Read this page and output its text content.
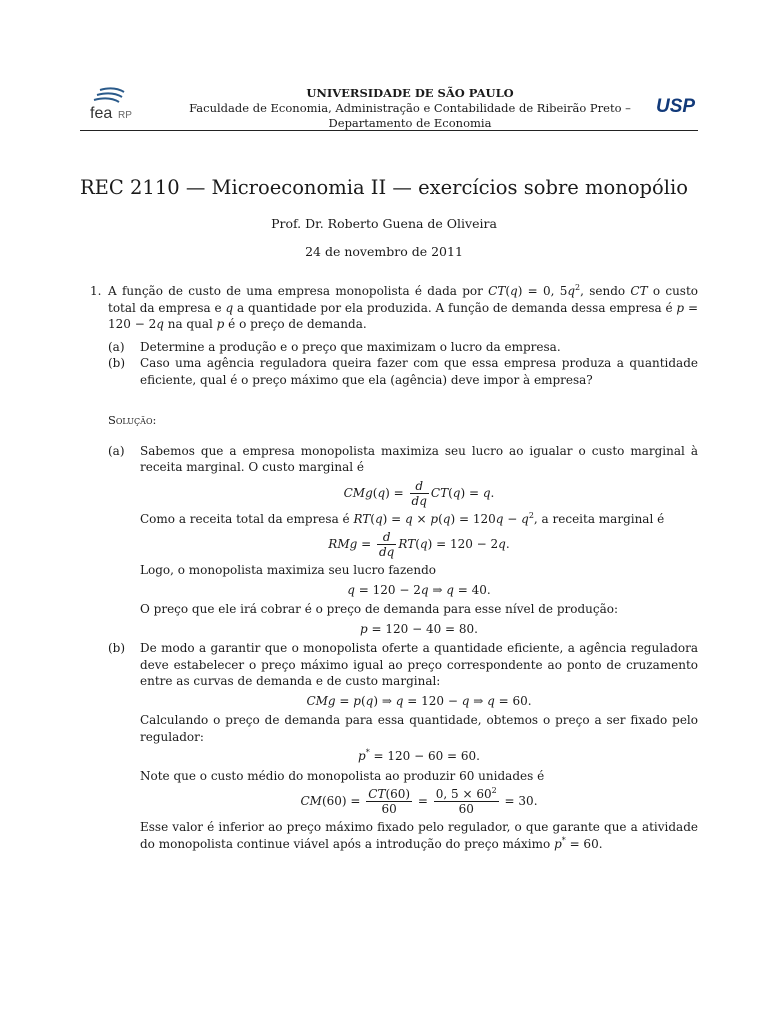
fea RP
UNIVERSIDADE DE SÃO PAULO
Faculdade de Economia, Administração e Contabilidade de Ribeirão Preto –
Departamento de Economia
USP
REC 2110 — Microeconomia II — exercícios sobre monopólio
Prof. Dr. Roberto Guena de Oliveira
24 de novembro de 2011
1. A função de custo de uma empresa monopolista é dada por CT(q) = 0, $5q^2$, sendo CT o custo total da empresa e q a quantidade por ela produzida. A função de demanda dessa empresa é p = 120 − 2q na qual p é o preço de demanda.

(a) Determine a produção e o preço que maximizam o lucro da empresa.

(b) Caso uma agência reguladora queira fazer com que essa empresa produza a quantidade eficiente, qual é o preço máximo que ela (agência) deve impor à empresa?

Solução:

(a) Sabemos que a empresa monopolista maximiza seu lucro ao igualar o custo marginal à receita marginal. O custo marginal é

$CMg(q) = \frac{d}{dq} CT(q) = q$.

Como a receita total da empresa é $RT(q) = q \times p(q) = 120q - q^2$, a receita marginal é

RMg = $\frac{d}{dq} RT(q) = 120 - 2q$.

Logo, o monopolista maximiza seu lucro fazendo

q = 120 − 2q ⇒ q = 40.

O preço que ele irá cobrar é o preço de demanda para esse nível de produção:

p = 120 − 40 = 80.
(b) De modo a garantir que o monopolista oferte a quantidade eficiente, a agência reguladora deve estabelecer o preço máximo igual ao preço correspondente ao ponto de cruzamento entre as curvas de demanda e de custo marginal:

CMg = p(q) ⇒ q = 120 − q ⇒ q = 60.

Calculando o preço de demanda para essa quantidade, obtemos o preço a ser fixado pelo regulador:

p* = 120 − 60 = 60.

Note que o custo médio do monopolista ao produzir 60 unidades é

$CM(60) = \frac{CT(60)}{60} = \frac{0, 5 \times 60^2}{60} = 30$.

Esse valor é inferior ao preço máximo fixado pelo regulador, o que garante que a atividade do monopolista continue viável após a introdução do preço máximo p* = 60.
